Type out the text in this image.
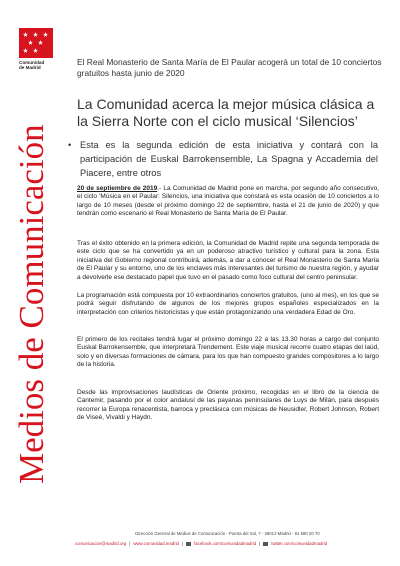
Comunidad
de Madrid
Medios de Comunicación
El Real Monasterio de Santa María de El Paular acogerá un total de 10 conciertos gratuitos hasta junio de 2020
La Comunidad acerca la mejor música clásica a la Sierra Norte con el ciclo musical ‘Silencios’
• Esta es la segunda edición de esta iniciativa y contará con la participación de Euskal Barrokensemble, La Spagna y Accademia del Piacere, entre otros
20 de septiembre de 2019.- La Comunidad de Madrid pone en marcha, por segundo año consecutivo, el ciclo ‘Música en el Paular: Silencios, una iniciativa que constará es esta ocasión de 10 conciertos a lo largo de 10 meses (desde el próximo domingo 22 de septiembre, hasta el 21 de junio de 2020) y que tendrán como escenario el Real Monasterio de Santa María de El Paular.
Tras el éxito obtenido en la primera edición, la Comunidad de Madrid repite una segunda temporada de este ciclo que se ha convertido ya en un poderoso atractivo turístico y cultural para la zona. Esta iniciativa del Gobierno regional contribuirá, además, a dar a conocer el Real Monasterio de Santa María de El Paular y su entorno, uno de los enclaves más interesantes del turismo de nuestra región, y ayudar a devolverle ese destacado papel que tuvo en el pasado como foco cultural del centro peninsular.
La programación está compuesta por 10 extraordinarios conciertos gratuitos, (uno al mes), en los que se podrá seguir disfrutando de algunos de los mejores grupos españoles especializados en la interpretación con criterios historicistas y que están protagonizando una verdadera Edad de Oro.
El primero de los recitales tendrá lugar el próximo domingo 22 a las 13.30 horas a cargo del conjunto Euskal Barrokensemble, que interpretará Trendement. Este viaje musical recorre cuatro etapas del laúd, solo y en diversas formaciones de cámara, para los que han compuesto grandes compositores a lo largo de la historia.
Desde las improvisaciones laudísticas de Oriente próximo, recogidas en el libro de la ciencia de Cantemir, pasando por el color andalusí de las payanas peninsulares de Luys de Milán, para después recorrer la Europa renacentista, barroca y preclásica con músicas de Neusidler, Robert Johnson, Robert de Viseé, Vivaldi y Haydn.
Dirección General de Medios de Comunicación - Puerta del Sol, 7 - 28013 Madrid - 91 580 20 70
comunicacion@madrid.org | www.comunidad.madrid |	facebook.com/comunidadmadrid |	twitter.com/comunidadmadrid
